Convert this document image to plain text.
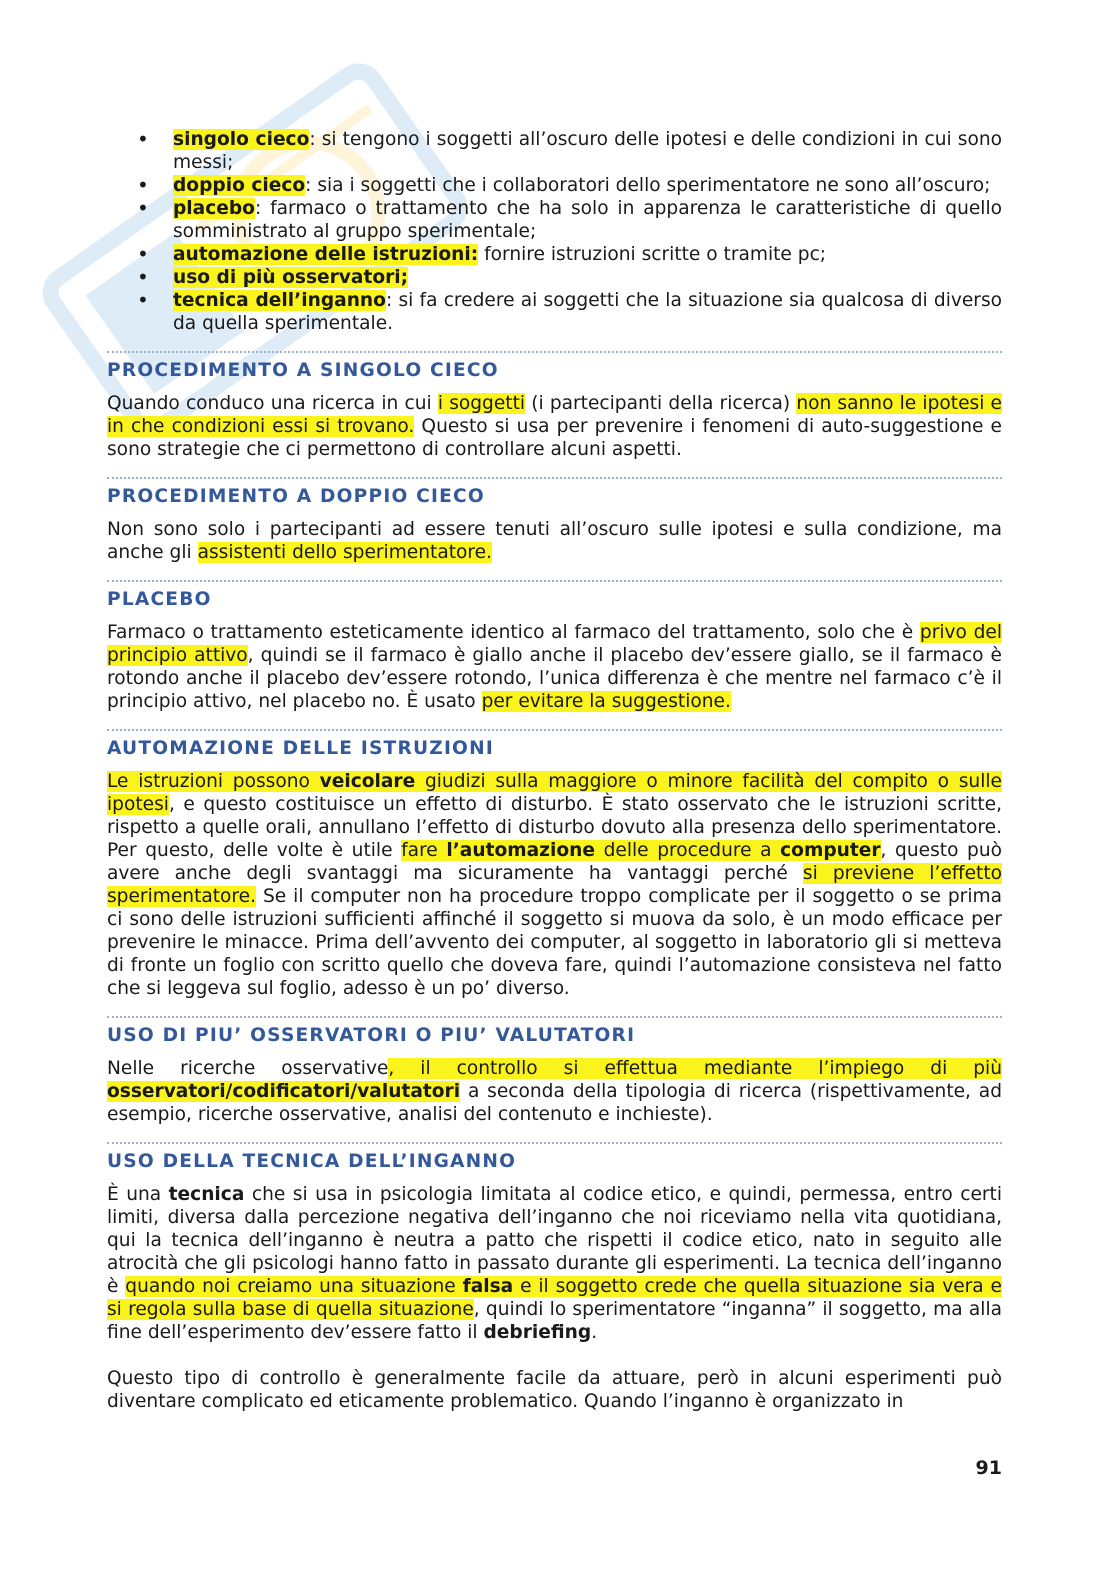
• singolo cieco: si tengono i soggetti all’oscuro delle ipotesi e delle condizioni in cui sono messi;
• doppio cieco: sia i soggetti che i collaboratori dello sperimentatore ne sono all’oscuro;
• placebo: farmaco o trattamento che ha solo in apparenza le caratteristiche di quello somministrato al gruppo sperimentale;
• automazione delle istruzioni: fornire istruzioni scritte o tramite pc;
• uso di più osservatori;
• tecnica dell’inganno: si fa credere ai soggetti che la situazione sia qualcosa di diverso da quella sperimentale.
PROCEDIMENTO A SINGOLO CIECO

Quando conduco una ricerca in cui i soggetti (i partecipanti della ricerca) non sanno le ipotesi e in che condizioni essi si trovano. Questo si usa per prevenire i fenomeni di auto-suggestione e sono strategie che ci permettono di controllare alcuni aspetti.

PROCEDIMENTO A DOPPIO CIECO

Non sono solo i partecipanti ad essere tenuti all’oscuro sulle ipotesi e sulla condizione, ma anche gli assistenti dello sperimentatore.

PLACEBO

Farmaco o trattamento esteticamente identico al farmaco del trattamento, solo che è privo del principio attivo, quindi se il farmaco è giallo anche il placebo dev’essere giallo, se il farmaco è rotondo anche il placebo dev’essere rotondo, l’unica differenza è che mentre nel farmaco c’è il principio attivo, nel placebo no. È usato per evitare la suggestione.

AUTOMAZIONE DELLE ISTRUZIONI

Le istruzioni possono veicolare giudizi sulla maggiore o minore facilità del compito o sulle ipotesi, e questo costituisce un effetto di disturbo. È stato osservato che le istruzioni scritte, rispetto a quelle orali, annullano l’effetto di disturbo dovuto alla presenza dello sperimentatore. Per questo, delle volte è utile fare l’automazione delle procedure a computer, questo può avere anche degli svantaggi ma sicuramente ha vantaggi perché si previene l’effetto sperimentatore. Se il computer non ha procedure troppo complicate per il soggetto o se prima ci sono delle istruzioni sufficienti affinché il soggetto si muova da solo, è un modo efficace per prevenire le minacce. Prima dell’avvento dei computer, al soggetto in laboratorio gli si metteva di fronte un foglio con scritto quello che doveva fare, quindi l’automazione consisteva nel fatto che si leggeva sul foglio, adesso è un po’ diverso.

USO DI PIU’ OSSERVATORI O PIU’ VALUTATORI

Nelle ricerche osservative, il controllo si effettua mediante l’impiego di più osservatori/codificatori/valutatori a seconda della tipologia di ricerca (rispettivamente, ad esempio, ricerche osservative, analisi del contenuto e inchieste).

USO DELLA TECNICA DELL’INGANNO

È una tecnica che si usa in psicologia limitata al codice etico, e quindi, permessa, entro certi limiti, diversa dalla percezione negativa dell’inganno che noi riceviamo nella vita quotidiana, qui la tecnica dell’inganno è neutra a patto che rispetti il codice etico, nato in seguito alle atrocità che gli psicologi hanno fatto in passato durante gli esperimenti. La tecnica dell’inganno è quando noi creiamo una situazione falsa e il soggetto crede che quella situazione sia vera e si regola sulla base di quella situazione, quindi lo sperimentatore “inganna” il soggetto, ma alla fine dell’esperimento dev’essere fatto il debriefing.

Questo tipo di controllo è generalmente facile da attuare, però in alcuni esperimenti può diventare complicato ed eticamente problematico. Quando l’inganno è organizzato in

91
